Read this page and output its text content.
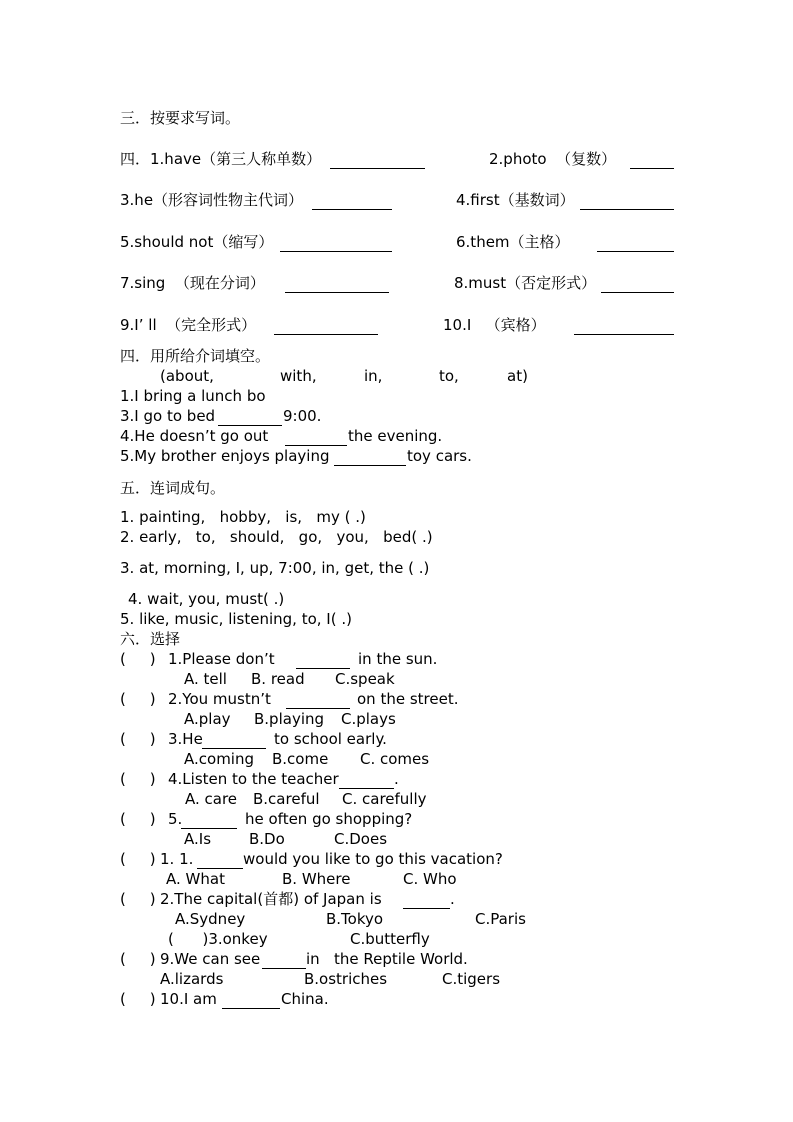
三．按要求写词。
四．1.have（第三人称单数）	2.photo  （复数）
3.he（形容词性物主代词）	4.first（基数词）
5.should not（缩写）	6.them（主格）
7.sing  （现在分词）	8.must（否定形式）
9.I’ ll  （完全形式）	10.I   （宾格）
四．用所给介词填空。
(about,	with,	in,	to,	at)
1.I bring a lunch bo
3.I go to bed	9:00.
4.He doesn’t go out	the evening.
5.My brother enjoys playing	toy cars.
五．连词成句。
1. painting,   hobby,   is,   my ( .)
2. early,   to,   should,   go,   you,   bed( .)
3. at, morning, I, up, 7:00, in, get, the ( .)
4. wait, you, must( .)
5. like, music, listening, to, I( .)
六．选择
(     ) 1.Please don’t	in the sun.
A. tell B. read C.speak
(     ) 2.You mustn’t	on the street.
A.play B.playing C.plays
(     ) 3.He	to school early.
A.coming B.come C. comes
(     ) 4.Listen to the teacher	.
A. care B.careful C. carefully
(     ) 5.	he often go shopping?
A.Is	B.Do	C.Does
(     ) 1. 1.	would you like to go this vacation?
A. What	B. Where	C. Who
(     ) 2.The capital(首都) of Japan is	.
A.Sydney	B.Tokyo	C.Paris
(      )3.onkey	C.butterfly
(     ) 9.We can see	in   the Reptile World.
A.lizards	B.ostriches	C.tigers
(     ) 10.I am	China.
